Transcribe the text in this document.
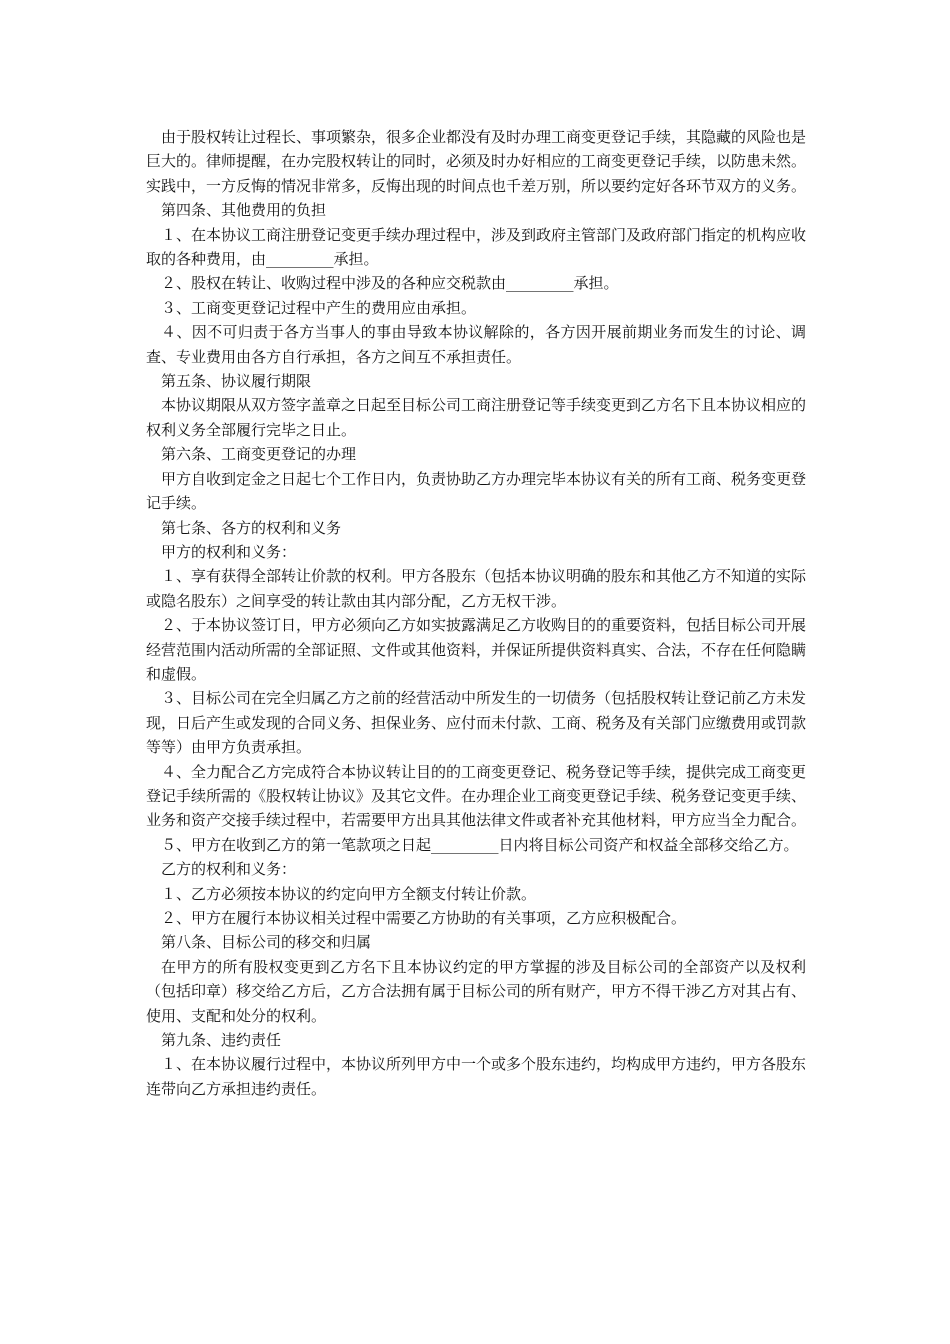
由于股权转让过程长、事项繁杂，很多企业都没有及时办理工商变更登记手续，其隐藏的风险也是巨大的。律师提醒，在办完股权转让的同时，必须及时办好相应的工商变更登记手续，以防患未然。实践中，一方反悔的情况非常多，反悔出现的时间点也千差万别，所以要约定好各环节双方的义务。

第四条、其他费用的负担

１、在本协议工商注册登记变更手续办理过程中，涉及到政府主管部门及政府部门指定的机构应收取的各种费用，由_________承担。

２、股权在转让、收购过程中涉及的各种应交税款由_________承担。

３、工商变更登记过程中产生的费用应由承担。

４、因不可归责于各方当事人的事由导致本协议解除的，各方因开展前期业务而发生的讨论、调查、专业费用由各方自行承担，各方之间互不承担责任。

第五条、协议履行期限

本协议期限从双方签字盖章之日起至目标公司工商注册登记等手续变更到乙方名下且本协议相应的权利义务全部履行完毕之日止。

第六条、工商变更登记的办理

甲方自收到定金之日起七个工作日内，负责协助乙方办理完毕本协议有关的所有工商、税务变更登记手续。

第七条、各方的权利和义务

甲方的权利和义务：

１、享有获得全部转让价款的权利。甲方各股东（包括本协议明确的股东和其他乙方不知道的实际或隐名股东）之间享受的转让款由其内部分配，乙方无权干涉。

２、于本协议签订日，甲方必须向乙方如实披露满足乙方收购目的的重要资料，包括目标公司开展经营范围内活动所需的全部证照、文件或其他资料，并保证所提供资料真实、合法，不存在任何隐瞒和虚假。

３、目标公司在完全归属乙方之前的经营活动中所发生的一切债务（包括股权转让登记前乙方未发现，日后产生或发现的合同义务、担保业务、应付而未付款、工商、税务及有关部门应缴费用或罚款等等）由甲方负责承担。

４、全力配合乙方完成符合本协议转让目的的工商变更登记、税务登记等手续，提供完成工商变更登记手续所需的《股权转让协议》及其它文件。在办理企业工商变更登记手续、税务登记变更手续、业务和资产交接手续过程中，若需要甲方出具其他法律文件或者补充其他材料，甲方应当全力配合。

５、甲方在收到乙方的第一笔款项之日起_________日内将目标公司资产和权益全部移交给乙方。

乙方的权利和义务：

１、乙方必须按本协议的约定向甲方全额支付转让价款。

２、甲方在履行本协议相关过程中需要乙方协助的有关事项，乙方应积极配合。

第八条、目标公司的移交和归属

在甲方的所有股权变更到乙方名下且本协议约定的甲方掌握的涉及目标公司的全部资产以及权利（包括印章）移交给乙方后，乙方合法拥有属于目标公司的所有财产，甲方不得干涉乙方对其占有、使用、支配和处分的权利。

第九条、违约责任

１、在本协议履行过程中，本协议所列甲方中一个或多个股东违约，均构成甲方违约，甲方各股东连带向乙方承担违约责任。
